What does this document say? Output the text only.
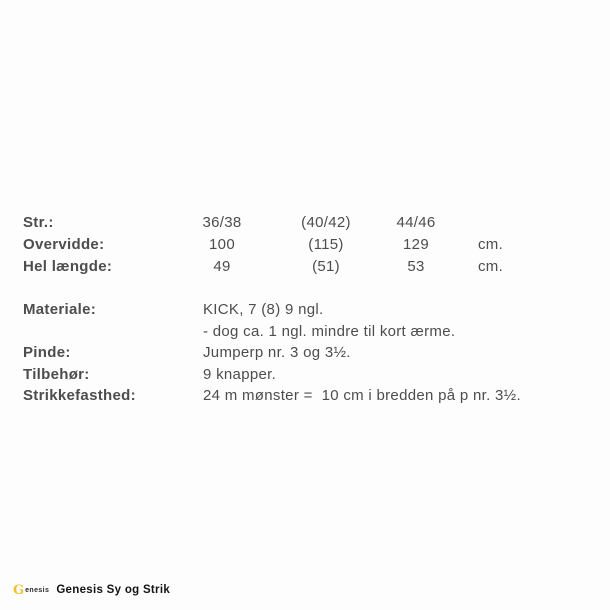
Str.:	36/38	(40/42)	44/46
Overvidde:	100	(115)	129	cm.
Hel længde:	49	(51)	53	cm.
Materiale:	KICK, 7 (8) 9 ngl.
- dog ca. 1 ngl. mindre til kort ærme.
Pinde:	Jumperp nr. 3 og 3½.
Tilbehør:	9 knapper.
Strikkefasthed:	24 m mønster =  10 cm i bredden på p nr. 3½.
G enesis Genesis Sy og Strik
